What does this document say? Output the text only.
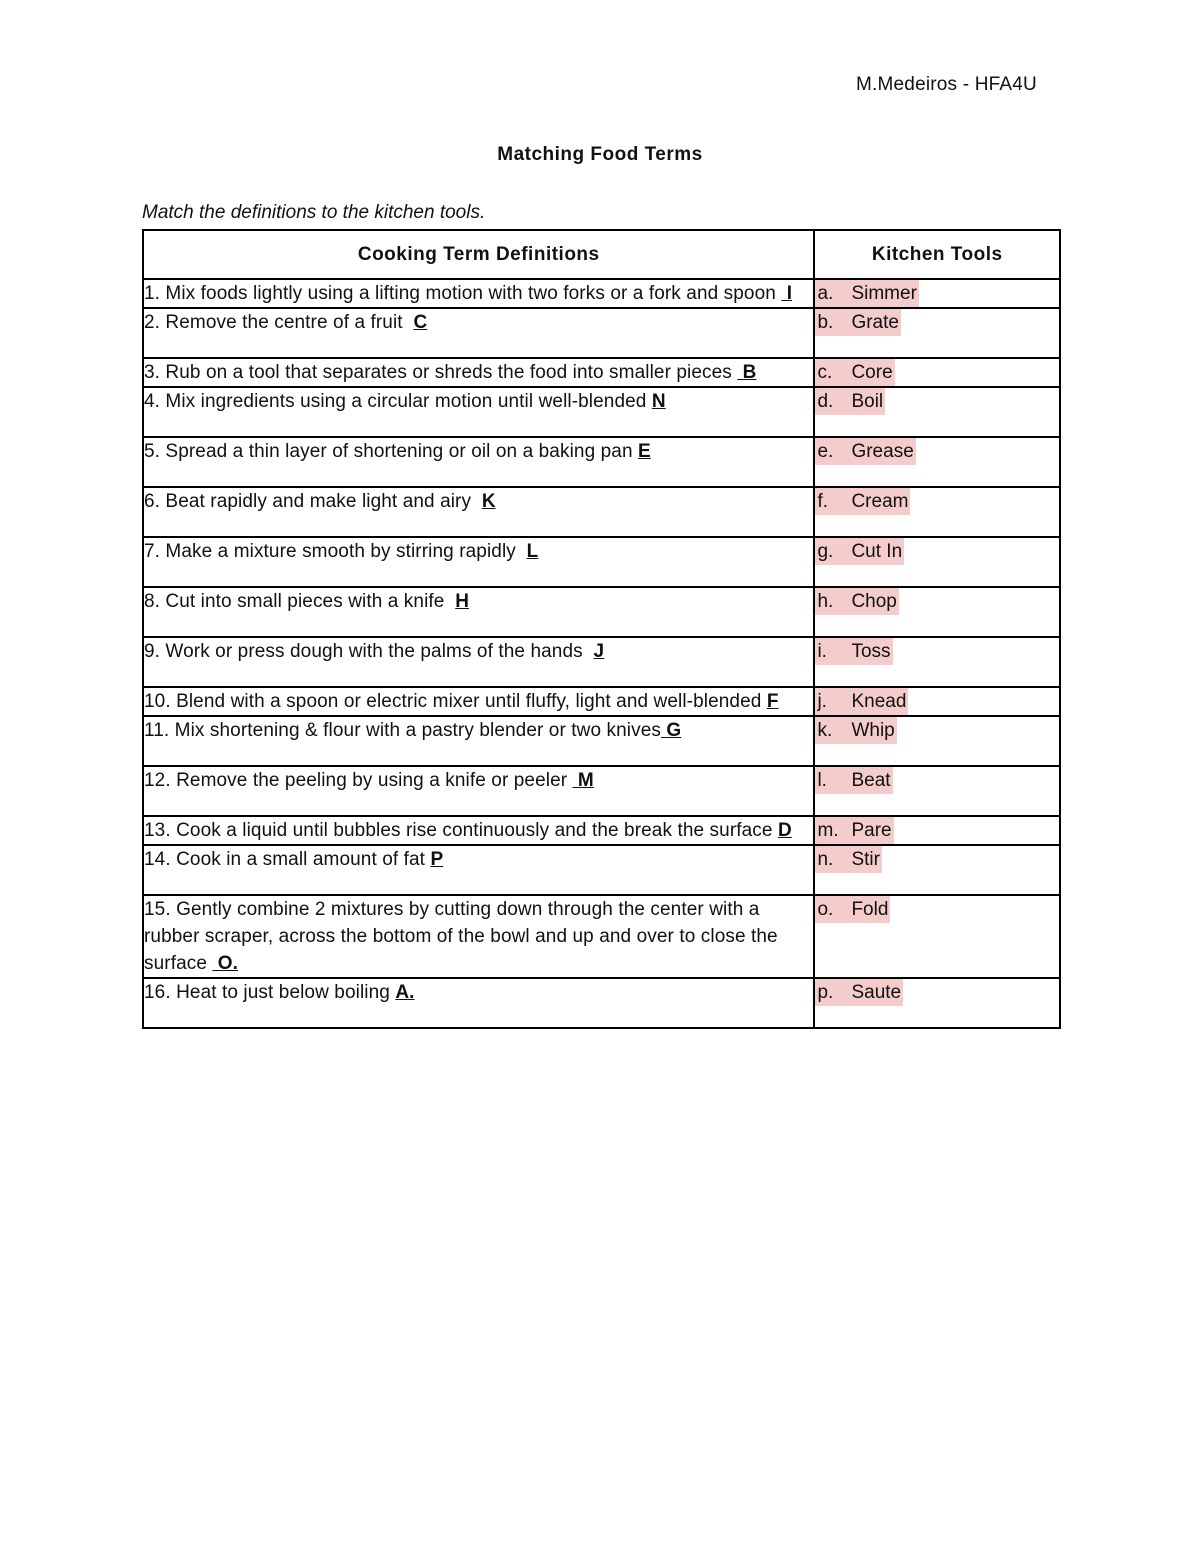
M.Medeiros - HFA4U
Matching Food Terms
Match the definitions to the kitchen tools.
Cooking Term Definitions	Kitchen Tools
1. Mix foods lightly using a lifting motion with two forks or a fork and spoon  I	a. Simmer
2. Remove the centre of a fruit  C	b. Grate
3. Rub on a tool that separates or shreds the food into smaller pieces  B	c. Core
4. Mix ingredients using a circular motion until well-blended N	d. Boil
5. Spread a thin layer of shortening or oil on a baking pan E	e. Grease
6. Beat rapidly and make light and airy  K	f. Cream
7. Make a mixture smooth by stirring rapidly  L	g. Cut In
8. Cut into small pieces with a knife  H	h. Chop
9. Work or press dough with the palms of the hands  J	i. Toss
10. Blend with a spoon or electric mixer until fluffy, light and well-blended F	j. Knead
11. Mix shortening & flour with a pastry blender or two knives G	k. Whip
12. Remove the peeling by using a knife or peeler  M	l. Beat
13. Cook a liquid until bubbles rise continuously and the break the surface D	m. Pare
14. Cook in a small amount of fat P	n. Stir
15. Gently combine 2 mixtures by cutting down through the center with a rubber scraper, across the bottom of the bowl and up and over to close the surface  O.	o. Fold
16. Heat to just below boiling A.	p. Saute
